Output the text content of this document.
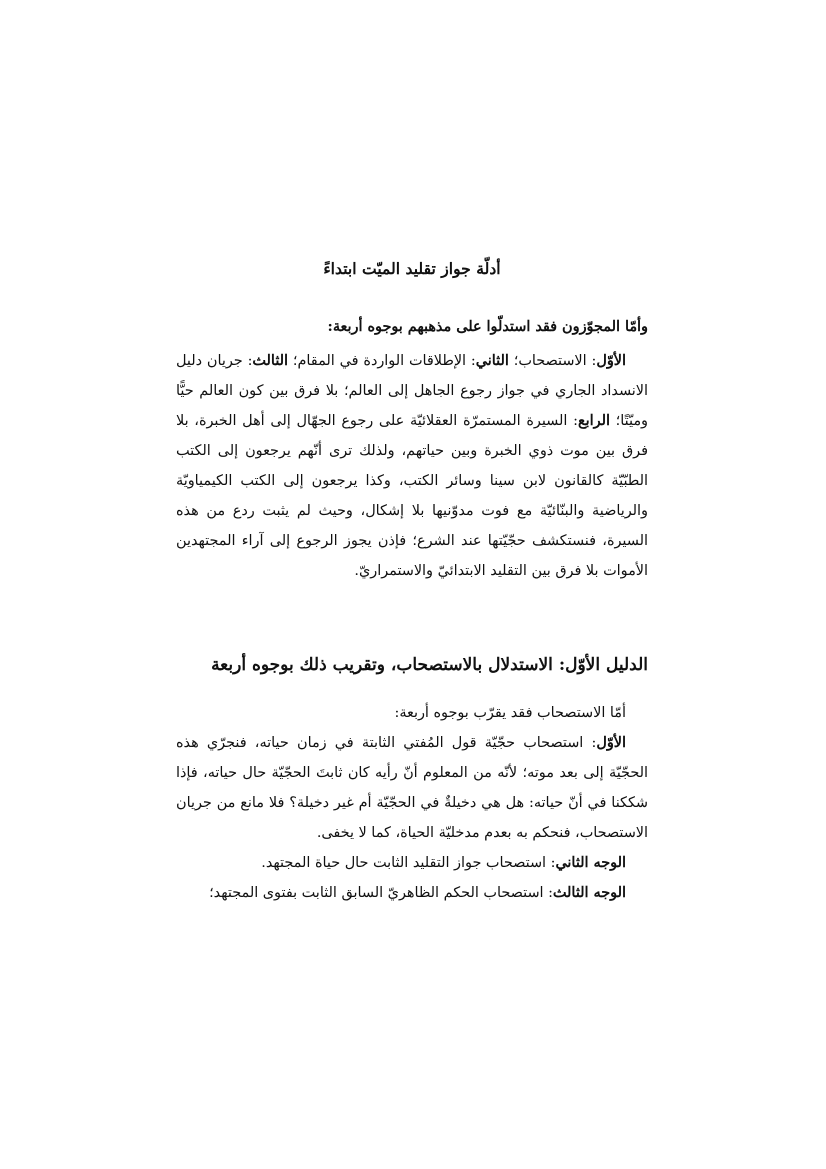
أدلّة جواز تقليد الميّت ابتداءً
وأمّا المجوّزون فقد استدلّوا على مذهبهم بوجوه أربعة:

الأوّل: الاستصحاب؛ الثاني: الإطلاقات الواردة في المقام؛ الثالث: جريان دليل الانسداد الجاري في جواز رجوع الجاهل إلى العالم؛ بلا فرق بين كون العالم حيًّا وميّتًا؛ الرابع: السيرة المستمرّة العقلائيّة على رجوع الجهّال إلى أهل الخبرة، بلا فرق بين موت ذوي الخبرة وبين حياتهم، ولذلك ترى أنّهم يرجعون إلى الكتب الطبّيّة كالقانون لابن سينا وسائر الكتب، وكذا يرجعون إلى الكتب الكيمياويّة والرياضية والبنّائيّة مع فوت مدوّنيها بلا إشكال، وحيث لم يثبت ردع من هذه السيرة، فنستكشف حجّيّتها عند الشرع؛ فإذن يجوز الرجوع إلى آراء المجتهدين الأموات بلا فرق بين التقليد الابتدائيّ والاستمراريّ.

الدليل الأوّل: الاستدلال بالاستصحاب، وتقريب ذلك بوجوه أربعة

أمّا الاستصحاب فقد يقرّب بوجوه أربعة:

الأوّل: استصحاب حجّيّة قول المُفتي الثابتة في زمان حياته، فنجرّي هذه الحجّيّة إلى بعد موته؛ لأنّه من المعلوم أنّ رأيه كان ثابتَ الحجّيّة حال حياته، فإذا شككنا في أنّ حياته: هل هي دخيلةٌ في الحجّيّة أم غير دخيلة؟ فلا مانع من جريان الاستصحاب، فنحكم به بعدم مدخليّة الحياة، كما لا يخفى.

الوجه الثاني: استصحاب جواز التقليد الثابت حال حياة المجتهد.

الوجه الثالث: استصحاب الحكم الظاهريّ السابق الثابت بفتوى المجتهد؛
